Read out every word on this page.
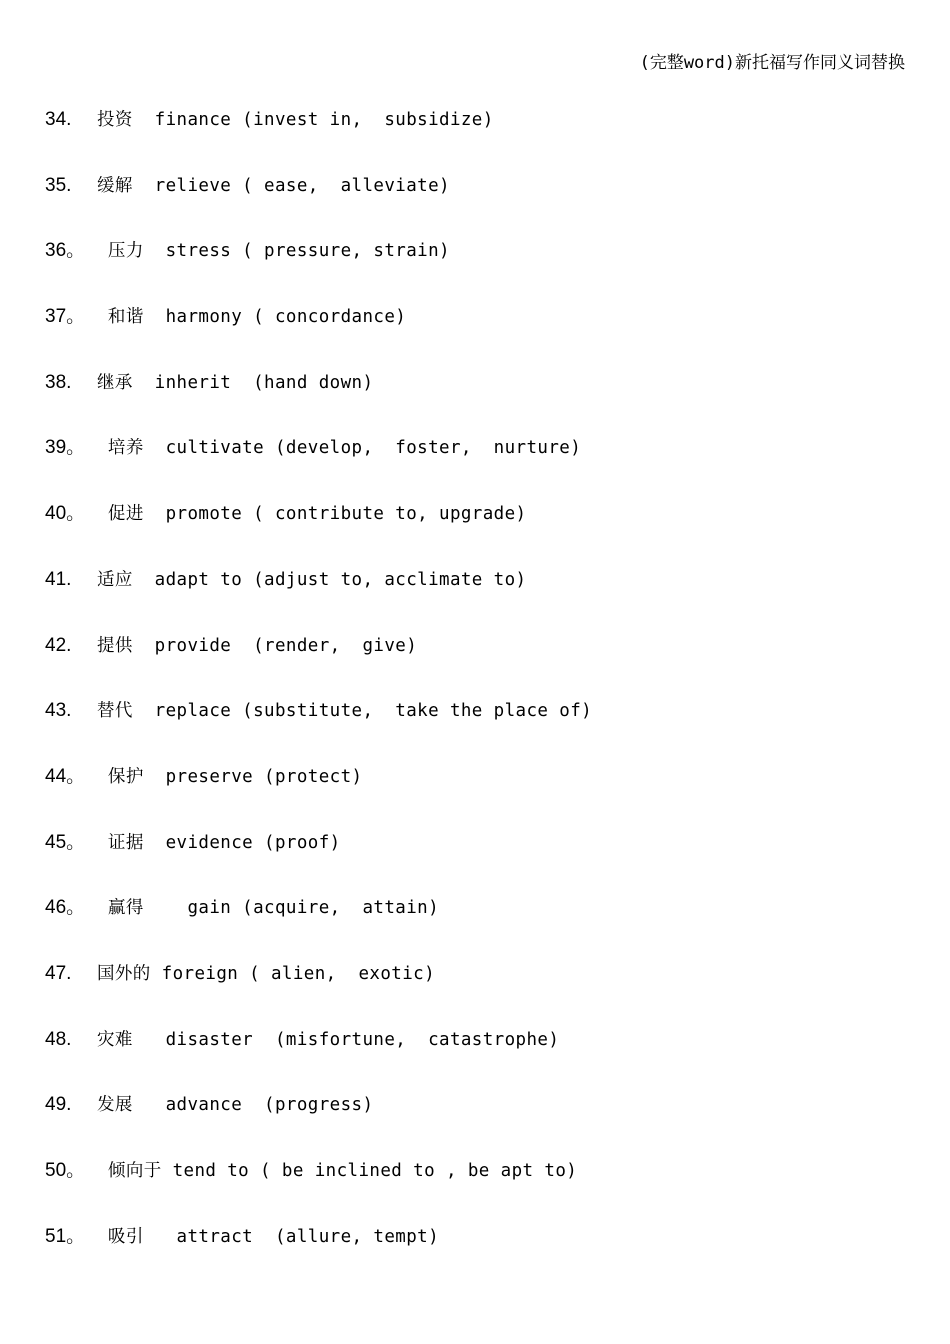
(完整word)新托福写作同义词替换
34.	投资  finance (invest in,  subsidize)
35.	缓解  relieve ( ease,  alleviate)
36。 压力  stress ( pressure, strain)
37。 和谐  harmony ( concordance)
38.	继承  inherit  (hand down)
39。 培养  cultivate (develop,  foster,  nurture)
40。 促进  promote ( contribute to, upgrade)
41.	适应  adapt to (adjust to, acclimate to)
42.	提供  provide  (render,  give)
43.	替代  replace (substitute,  take the place of)
44。 保护  preserve (protect)
45。 证据  evidence (proof)
46。 赢得    gain (acquire,  attain)
47.	国外的 foreign ( alien,  exotic)
48.	灾难   disaster  (misfortune,  catastrophe)
49.	发展   advance  (progress)
50。 倾向于 tend to ( be inclined to , be apt to)
51。 吸引   attract  (allure, tempt)
